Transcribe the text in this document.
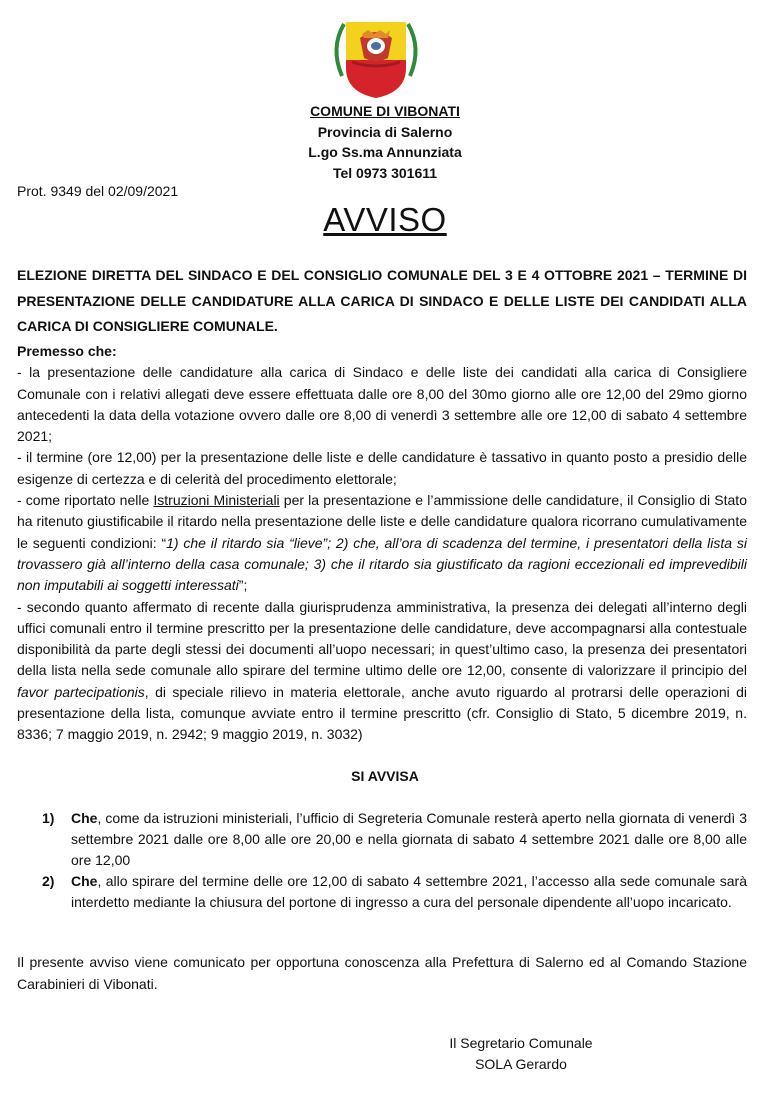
COMUNE DI VIBONATI
Provincia di Salerno
L.go Ss.ma Annunziata
Tel 0973 301611
Prot. 9349 del 02/09/2021
AVVISO
ELEZIONE DIRETTA DEL SINDACO E DEL CONSIGLIO COMUNALE DEL 3 E 4 OTTOBRE 2021 – TERMINE DI PRESENTAZIONE DELLE CANDIDATURE ALLA CARICA DI SINDACO E DELLE LISTE DEI CANDIDATI ALLA CARICA DI CONSIGLIERE COMUNALE.

Premesso che:

- la presentazione delle candidature alla carica di Sindaco e delle liste dei candidati alla carica di Consigliere Comunale con i relativi allegati deve essere effettuata dalle ore 8,00 del 30mo giorno alle ore 12,00 del 29mo giorno antecedenti la data della votazione ovvero dalle ore 8,00 di venerdì 3 settembre alle ore 12,00 di sabato 4 settembre 2021;

- il termine (ore 12,00) per la presentazione delle liste e delle candidature è tassativo in quanto posto a presidio delle esigenze di certezza e di celerità del procedimento elettorale;

- come riportato nelle Istruzioni Ministeriali per la presentazione e l’ammissione delle candidature, il Consiglio di Stato ha ritenuto giustificabile il ritardo nella presentazione delle liste e delle candidature qualora ricorrano cumulativamente le seguenti condizioni: “1) che il ritardo sia “lieve”; 2) che, all’ora di scadenza del termine, i presentatori della lista si trovassero già all’interno della casa comunale; 3) che il ritardo sia giustificato da ragioni eccezionali ed imprevedibili non imputabili ai soggetti interessati”;

- secondo quanto affermato di recente dalla giurisprudenza amministrativa, la presenza dei delegati all’interno degli uffici comunali entro il termine prescritto per la presentazione delle candidature, deve accompagnarsi alla contestuale disponibilità da parte degli stessi dei documenti all’uopo necessari; in quest’ultimo caso, la presenza dei presentatori della lista nella sede comunale allo spirare del termine ultimo delle ore 12,00, consente di valorizzare il principio del favor partecipationis, di speciale rilievo in materia elettorale, anche avuto riguardo al protrarsi delle operazioni di presentazione della lista, comunque avviate entro il termine prescritto (cfr. Consiglio di Stato, 5 dicembre 2019, n. 8336; 7 maggio 2019, n. 2942; 9 maggio 2019, n. 3032)

SI AVVISA
1)	Che, come da istruzioni ministeriali, l’ufficio di Segreteria Comunale resterà aperto nella giornata di venerdì 3 settembre 2021 dalle ore 8,00 alle ore 20,00 e nella giornata di sabato 4 settembre 2021 dalle ore 8,00 alle ore 12,00
2)	Che, allo spirare del termine delle ore 12,00 di sabato 4 settembre 2021, l’accesso alla sede comunale sarà interdetto mediante la chiusura del portone di ingresso a cura del personale dipendente all’uopo incaricato.
Il presente avviso viene comunicato per opportuna conoscenza alla Prefettura di Salerno ed al Comando Stazione Carabinieri di Vibonati.
Il Segretario Comunale
SOLA Gerardo
